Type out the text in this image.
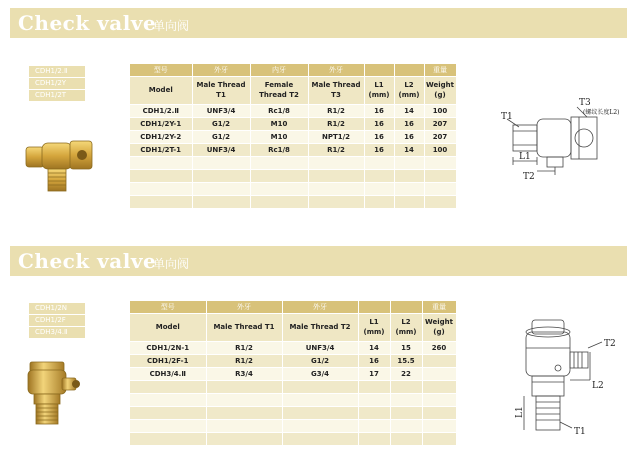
Check valve
单向阀
CDH1/2.Ⅱ
CDH1/2Y
CDH1/2T
型号	外牙	内牙	外牙			重量
Model	Male Thread T1	Female Thread T2	Male Thread T3	L1 (mm)	L2 (mm)	Weight (g)
CDH1/2.Ⅱ	UNF3/4	Rc1/8	R1/2	16	14	100
CDH1/2Y-1	G1/2	M10	R1/2	16	16	207
CDH1/2Y-2	G1/2	M10	NPT1/2	16	16	207
CDH1/2T-1	UNF3/4	Rc1/8	R1/2	16	14	100

T1
T3
(螺纹长度L2)
L1
T2
Check valve
单向阀
CDH1/2N
CDH1/2F
CDH3/4.Ⅱ
型号	外牙	外牙			重量
Model	Male Thread T1	Male Thread T2	L1 (mm)	L2 (mm)	Weight (g)
CDH1/2N-1	R1/2	UNF3/4	14	15	260
CDH1/2F-1	R1/2	G1/2	16	15.5	
CDH3/4.Ⅱ	R3/4	G3/4	17	22	

T2
L2
L1
T1
